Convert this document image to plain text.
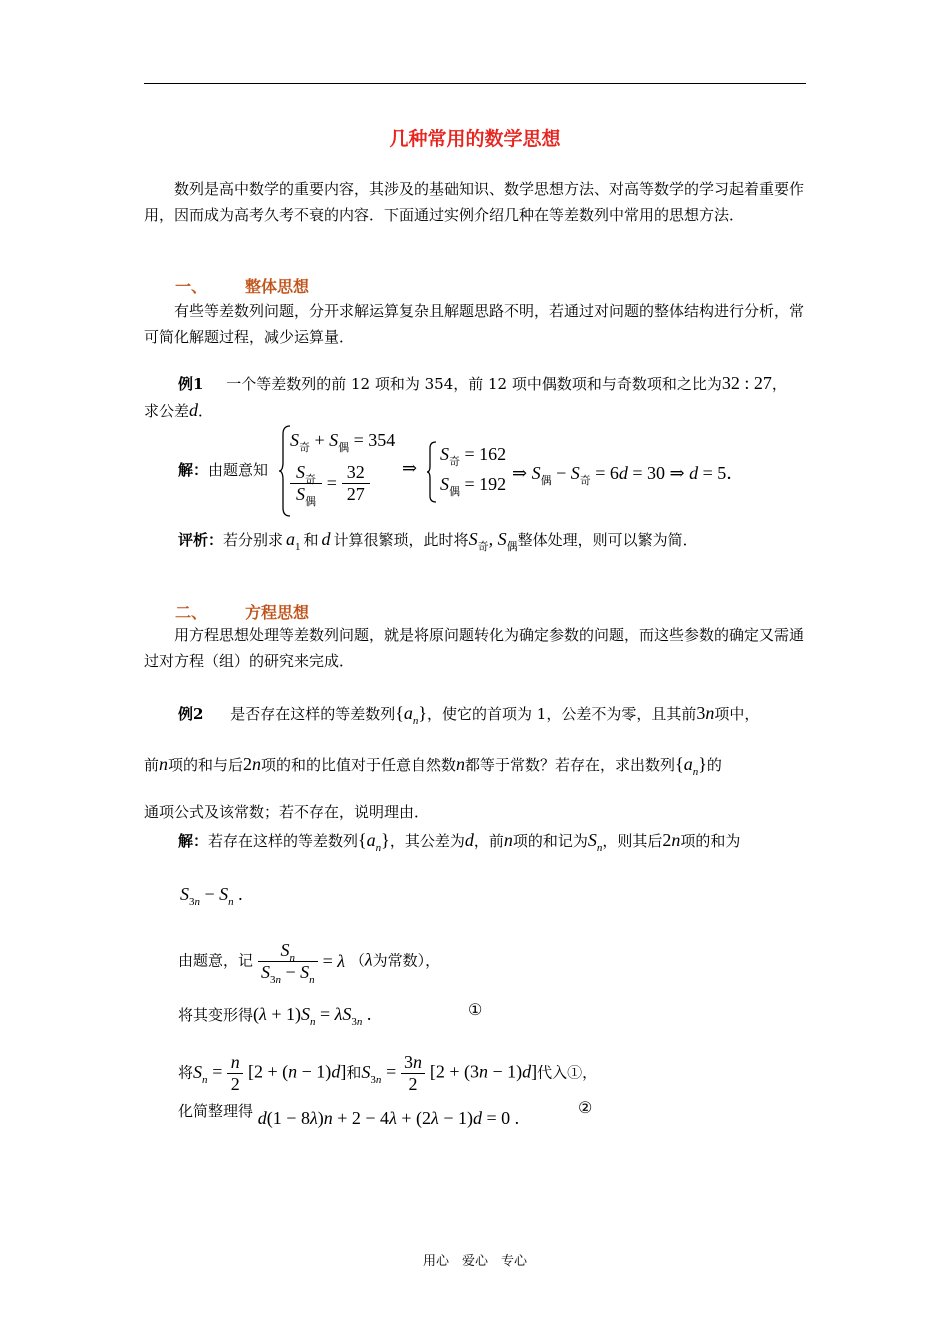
几种常用的数学思想
数列是高中数学的重要内容，其涉及的基础知识、数学思想方法、对高等数学的学习起着重要作用，因而成为高考久考不衰的内容．下面通过实例介绍几种在等差数列中常用的思想方法．
一、 整体思想
有些等差数列问题，分开求解运算复杂且解题思路不明，若通过对问题的整体结构进行分析，常可简化解题过程，减少运算量．
例1 一个等差数列的前 12 项和为 354，前 12 项中偶数项和与奇数项和之比为32 : 27，
求公差d．
解：由题意知
$S_奇 + S_偶 = 354$
$\frac{S_奇}{S_偶} = \frac{32}{27}$ ⇒
$S_奇 = 162$
$S_偶 = 192$
⇒ $S_偶 - S_奇 = 6d = 30$ ⇒ d = 5．
评析：若分别求 $a_1$ 和 d 计算很繁琐，此时将$S_奇$, $S_偶$整体处理，则可以繁为简．
二、 方程思想
用方程思想处理等差数列问题，就是将原问题转化为确定参数的问题，而这些参数的确定又需通过对方程（组）的研究来完成．
例2 是否存在这样的等差数列$\{a_n\}$，使它的首项为 1，公差不为零，且其前3n项中，
前n项的和与后2n项的和的比值对于任意自然数n都等于常数？若存在，求出数列$\{a_n\}$的
通项公式及该常数；若不存在，说明理由．
解：若存在这样的等差数列$\{a_n\}$，其公差为d，前n项的和记为$S_n$，则其后2n项的和为
$S_{3n} - S_n$ .
由题意，记 $\frac{S_n}{S_{3n} - S_n} = \lambda$ （λ为常数），
将其变形得$(\lambda + 1)S_n = \lambda S_{3n}$ .	①
将$S_n = \frac{n}{2} [2 + (n - 1)d]$和$S_{3n} = \frac{3n}{2} [2 + (3n - 1)d]$代入①，
化简整理得 d(1 − 8λ)n + 2 − 4λ + (2λ − 1)d = 0 .
②
用心　爱心　专心
